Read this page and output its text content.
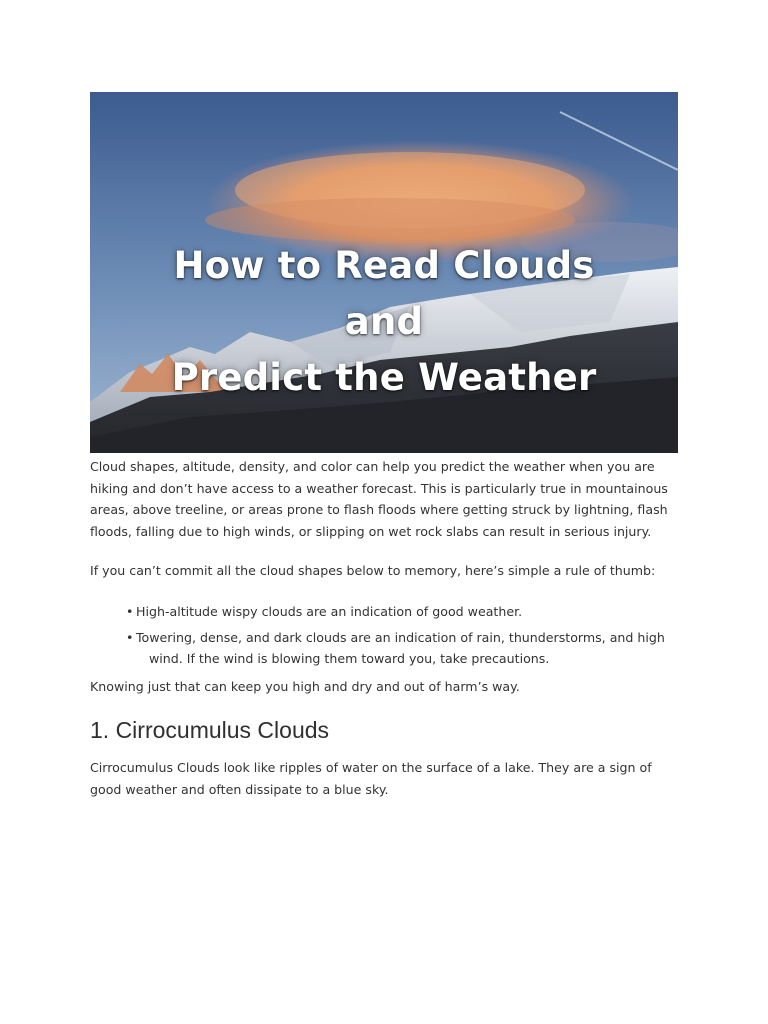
How to Read Clouds
and
Predict the Weather

Cloud shapes, altitude, density, and color can help you predict the weather when you are hiking and don’t have access to a weather forecast. This is particularly true in mountainous areas, above treeline, or areas prone to flash floods where getting struck by lightning, flash floods, falling due to high winds, or slipping on wet rock slabs can result in serious injury.

If you can’t commit all the cloud shapes below to memory, here’s simple a rule of thumb:

• High-altitude wispy clouds are an indication of good weather.
• Towering, dense, and dark clouds are an indication of rain, thunderstorms, and high
wind. If the wind is blowing them toward you, take precautions.

Knowing just that can keep you high and dry and out of harm’s way.

1. Cirrocumulus Clouds

Cirrocumulus Clouds look like ripples of water on the surface of a lake. They are a sign of good weather and often dissipate to a blue sky.
